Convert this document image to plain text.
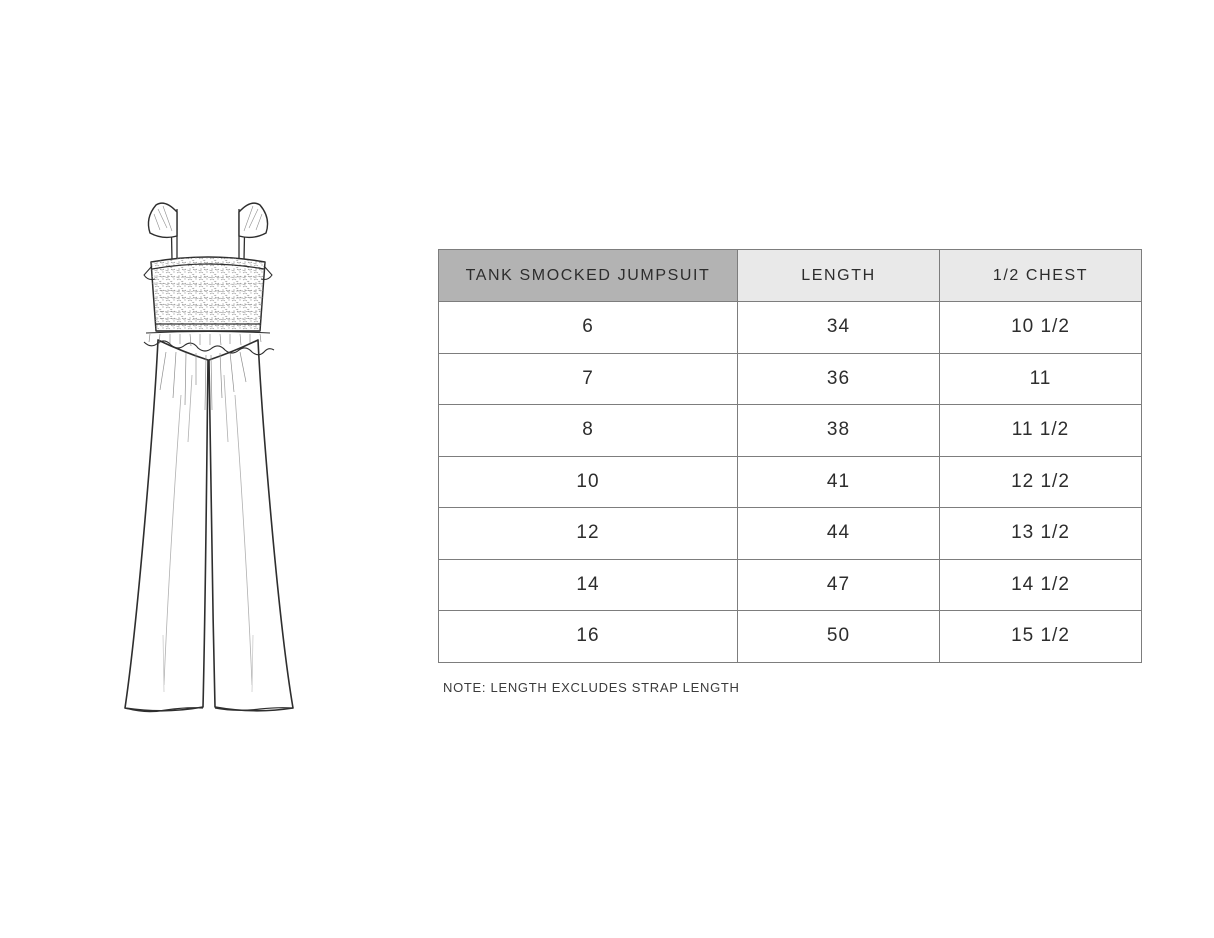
TANK SMOCKED JUMPSUIT	LENGTH	1/2 CHEST
6	34	10 1/2
7	36	11
8	38	11 1/2
10	41	12 1/2
12	44	13 1/2
14	47	14 1/2
16	50	15 1/2
NOTE: LENGTH EXCLUDES STRAP LENGTH
